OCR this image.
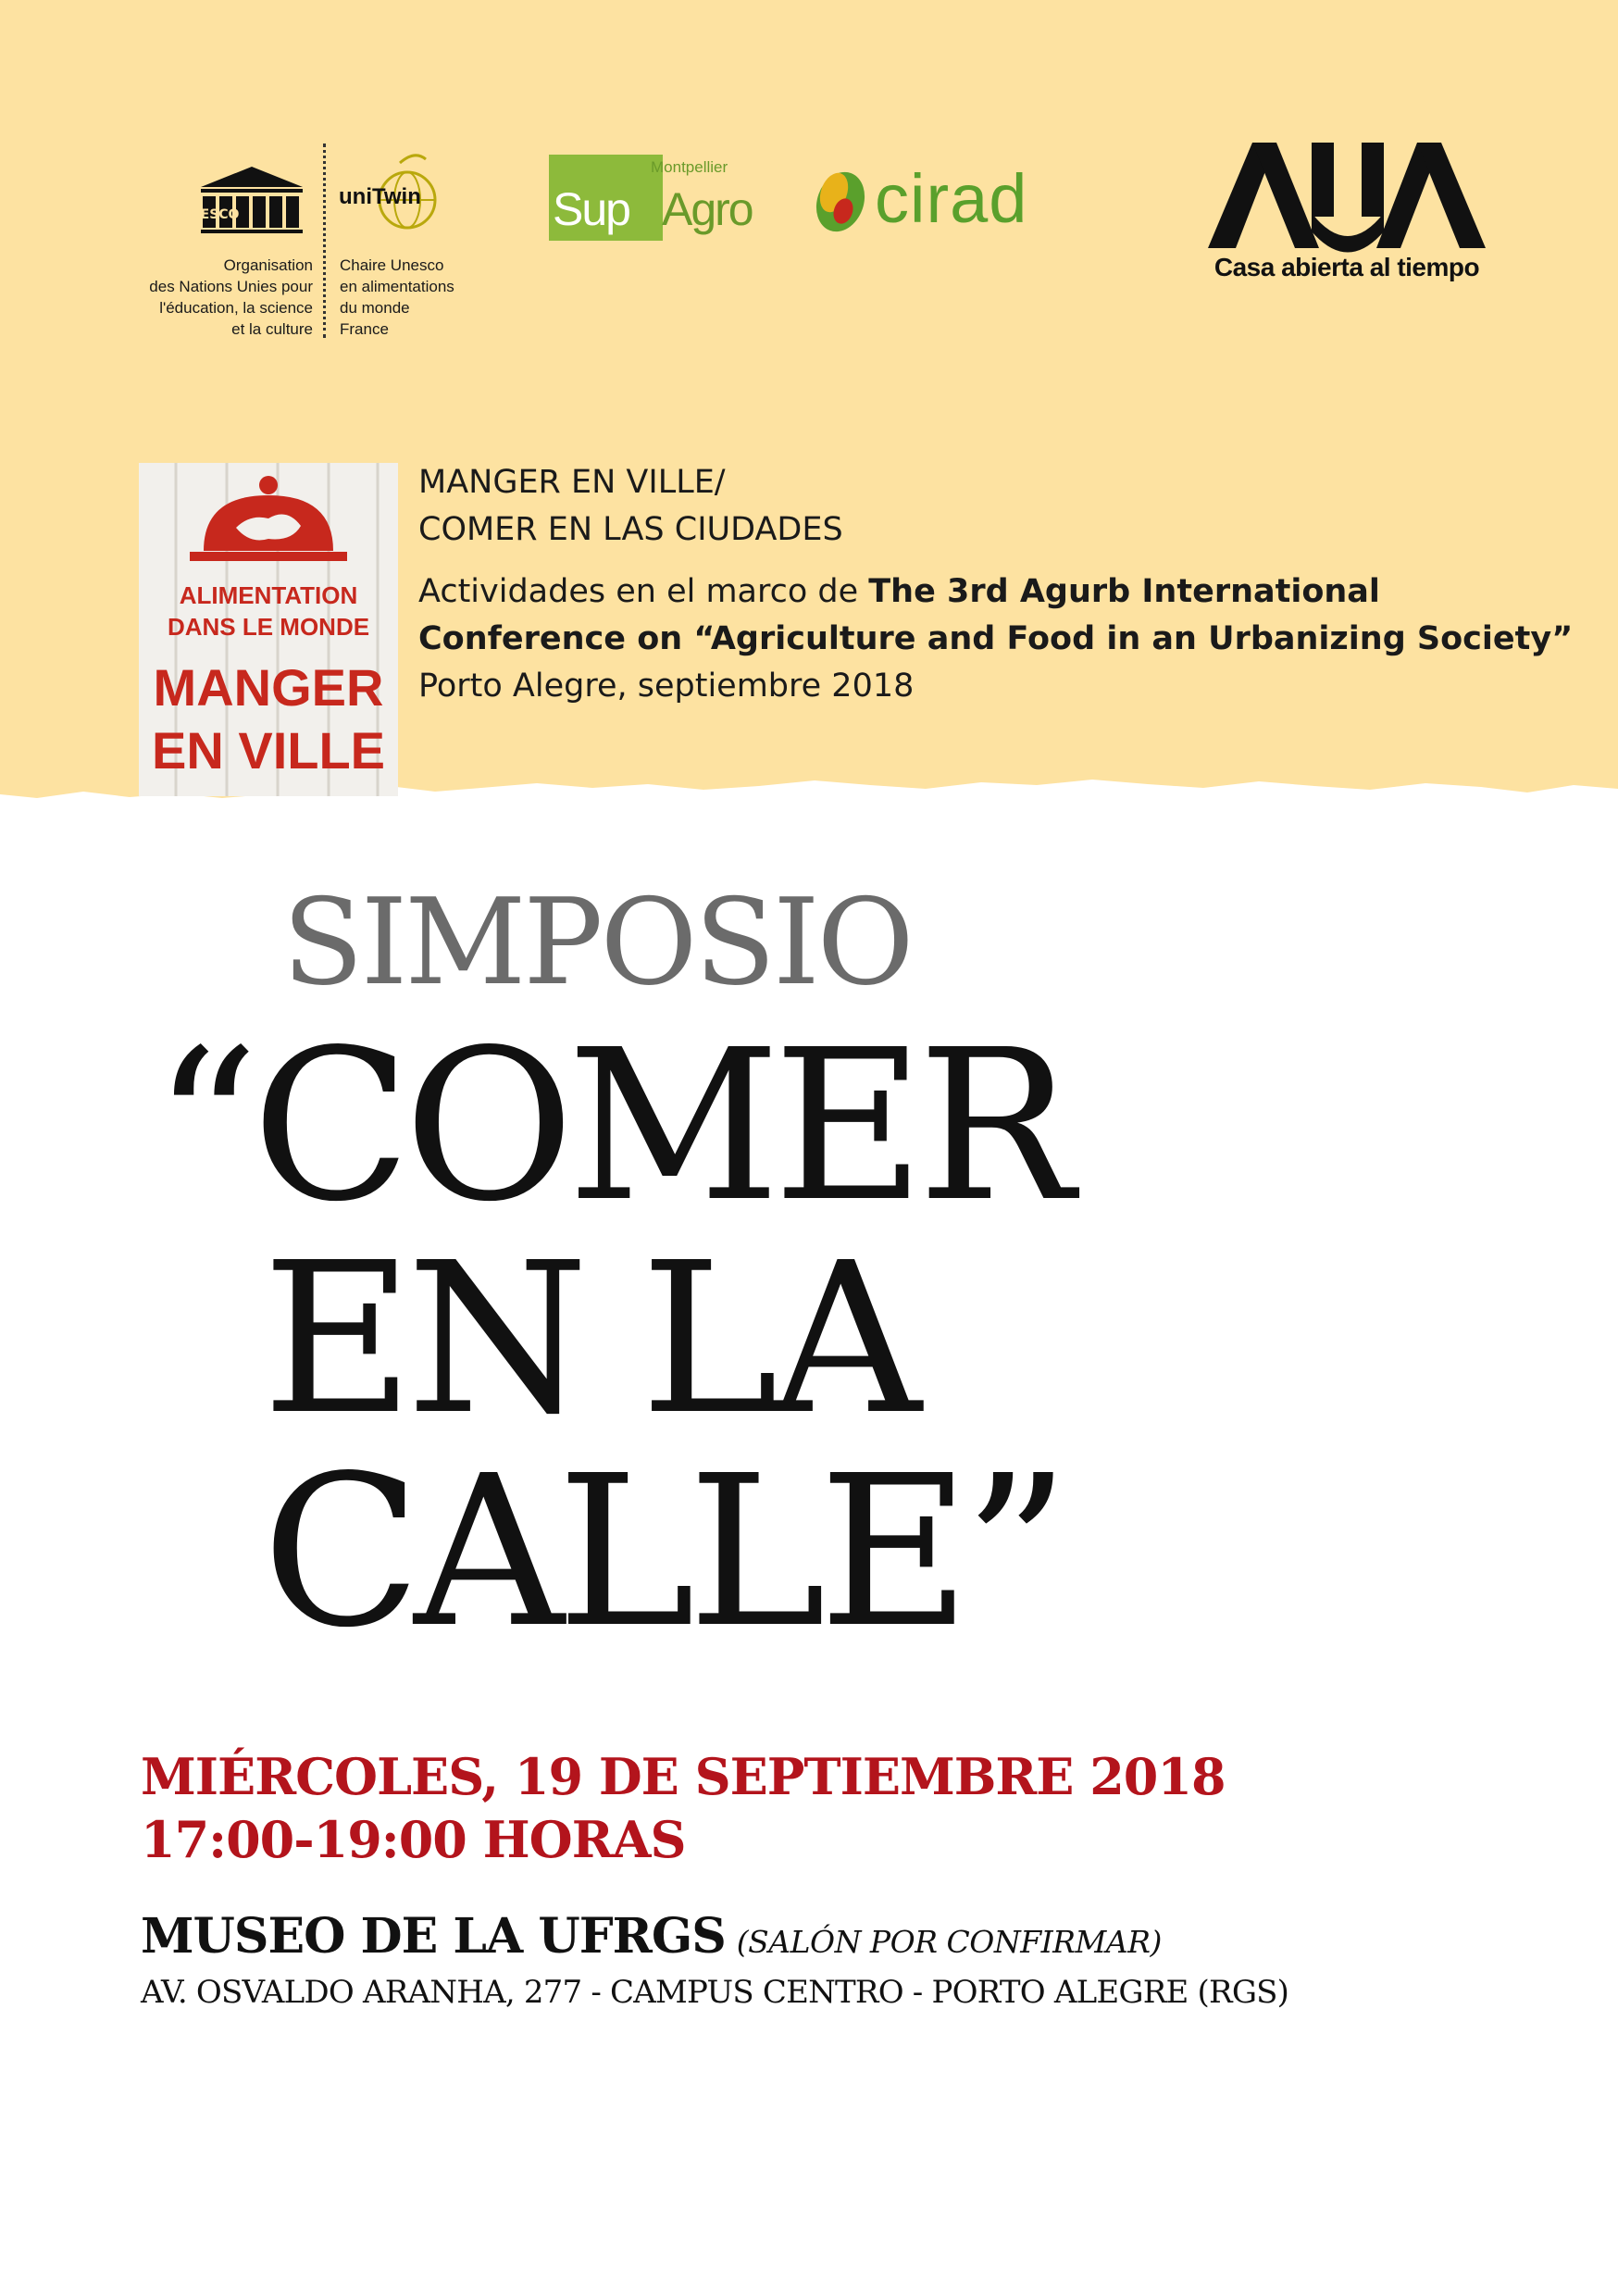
UNESCO
Organisation
des Nations Unies pour
l'éducation, la science
et la culture
uniTwin
Chaire Unesco
en alimentations
du monde
France
Montpellier
Sup Agro cirad
Casa abierta al tiempo
ALIMENTATION
DANS LE MONDE
MANGER
EN VILLE
MANGER EN VILLE/
COMER EN LAS CIUDADES
Actividades en el marco de The 3rd Agurb International
Conference on “Agriculture and Food in an Urbanizing Society”
Porto Alegre, septiembre 2018
SIMPOSIO
“COMER
EN LA
CALLE”
MIÉRCOLES, 19 DE SEPTIEMBRE 2018
17:00-19:00 HORAS
MUSEO DE LA UFRGS (SALÓN POR CONFIRMAR)
AV. OSVALDO ARANHA, 277 - CAMPUS CENTRO - PORTO ALEGRE (RGS)
